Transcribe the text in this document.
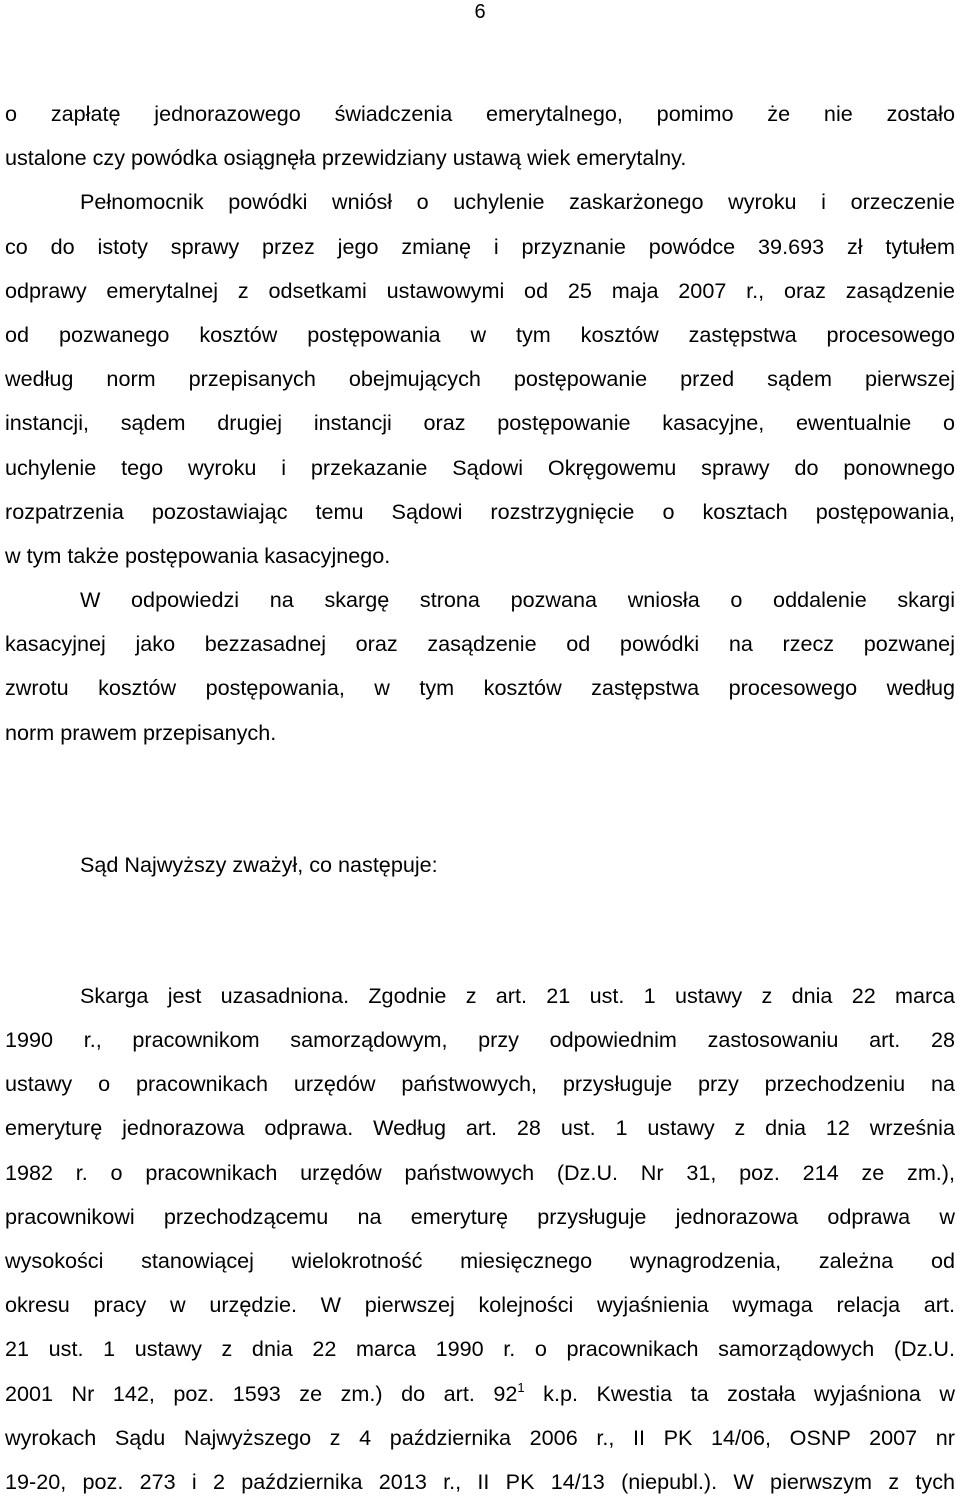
6
o zapłatę jednorazowego świadczenia emerytalnego, pomimo że nie zostało
ustalone czy powódka osiągnęła przewidziany ustawą wiek emerytalny.
Pełnomocnik powódki wniósł o uchylenie zaskarżonego wyroku i orzeczenie
co do istoty sprawy przez jego zmianę i przyznanie powódce 39.693 zł tytułem
odprawy emerytalnej z odsetkami ustawowymi od 25 maja 2007 r., oraz zasądzenie
od pozwanego kosztów postępowania w tym kosztów zastępstwa procesowego
według norm przepisanych obejmujących postępowanie przed sądem pierwszej
instancji, sądem drugiej instancji oraz postępowanie kasacyjne, ewentualnie o
uchylenie tego wyroku i przekazanie Sądowi Okręgowemu sprawy do ponownego
rozpatrzenia pozostawiając temu Sądowi rozstrzygnięcie o kosztach postępowania,
w tym także postępowania kasacyjnego.
W odpowiedzi na skargę strona pozwana wniosła o oddalenie skargi
kasacyjnej jako bezzasadnej oraz zasądzenie od powódki na rzecz pozwanej
zwrotu kosztów postępowania, w tym kosztów zastępstwa procesowego według
norm prawem przepisanych.
Sąd Najwyższy zważył, co następuje:
Skarga jest uzasadniona. Zgodnie z art. 21 ust. 1 ustawy z dnia 22 marca
1990 r., pracownikom samorządowym, przy odpowiednim zastosowaniu art. 28
ustawy o pracownikach urzędów państwowych, przysługuje przy przechodzeniu na
emeryturę jednorazowa odprawa. Według art. 28 ust. 1 ustawy z dnia 12 września
1982 r. o pracownikach urzędów państwowych (Dz.U. Nr 31, poz. 214 ze zm.),
pracownikowi przechodzącemu na emeryturę przysługuje jednorazowa odprawa w
wysokości stanowiącej wielokrotność miesięcznego wynagrodzenia, zależna od
okresu pracy w urzędzie. W pierwszej kolejności wyjaśnienia wymaga relacja art.
21 ust. 1 ustawy z dnia 22 marca 1990 r. o pracownikach samorządowych (Dz.U.
2001 Nr 142, poz. 1593 ze zm.) do art. $92^1$ k.p. Kwestia ta została wyjaśniona w
wyrokach Sądu Najwyższego z 4 października 2006 r., II PK 14/06, OSNP 2007 nr
19-20, poz. 273 i 2 października 2013 r., II PK 14/13 (niepubl.). W pierwszym z tych
